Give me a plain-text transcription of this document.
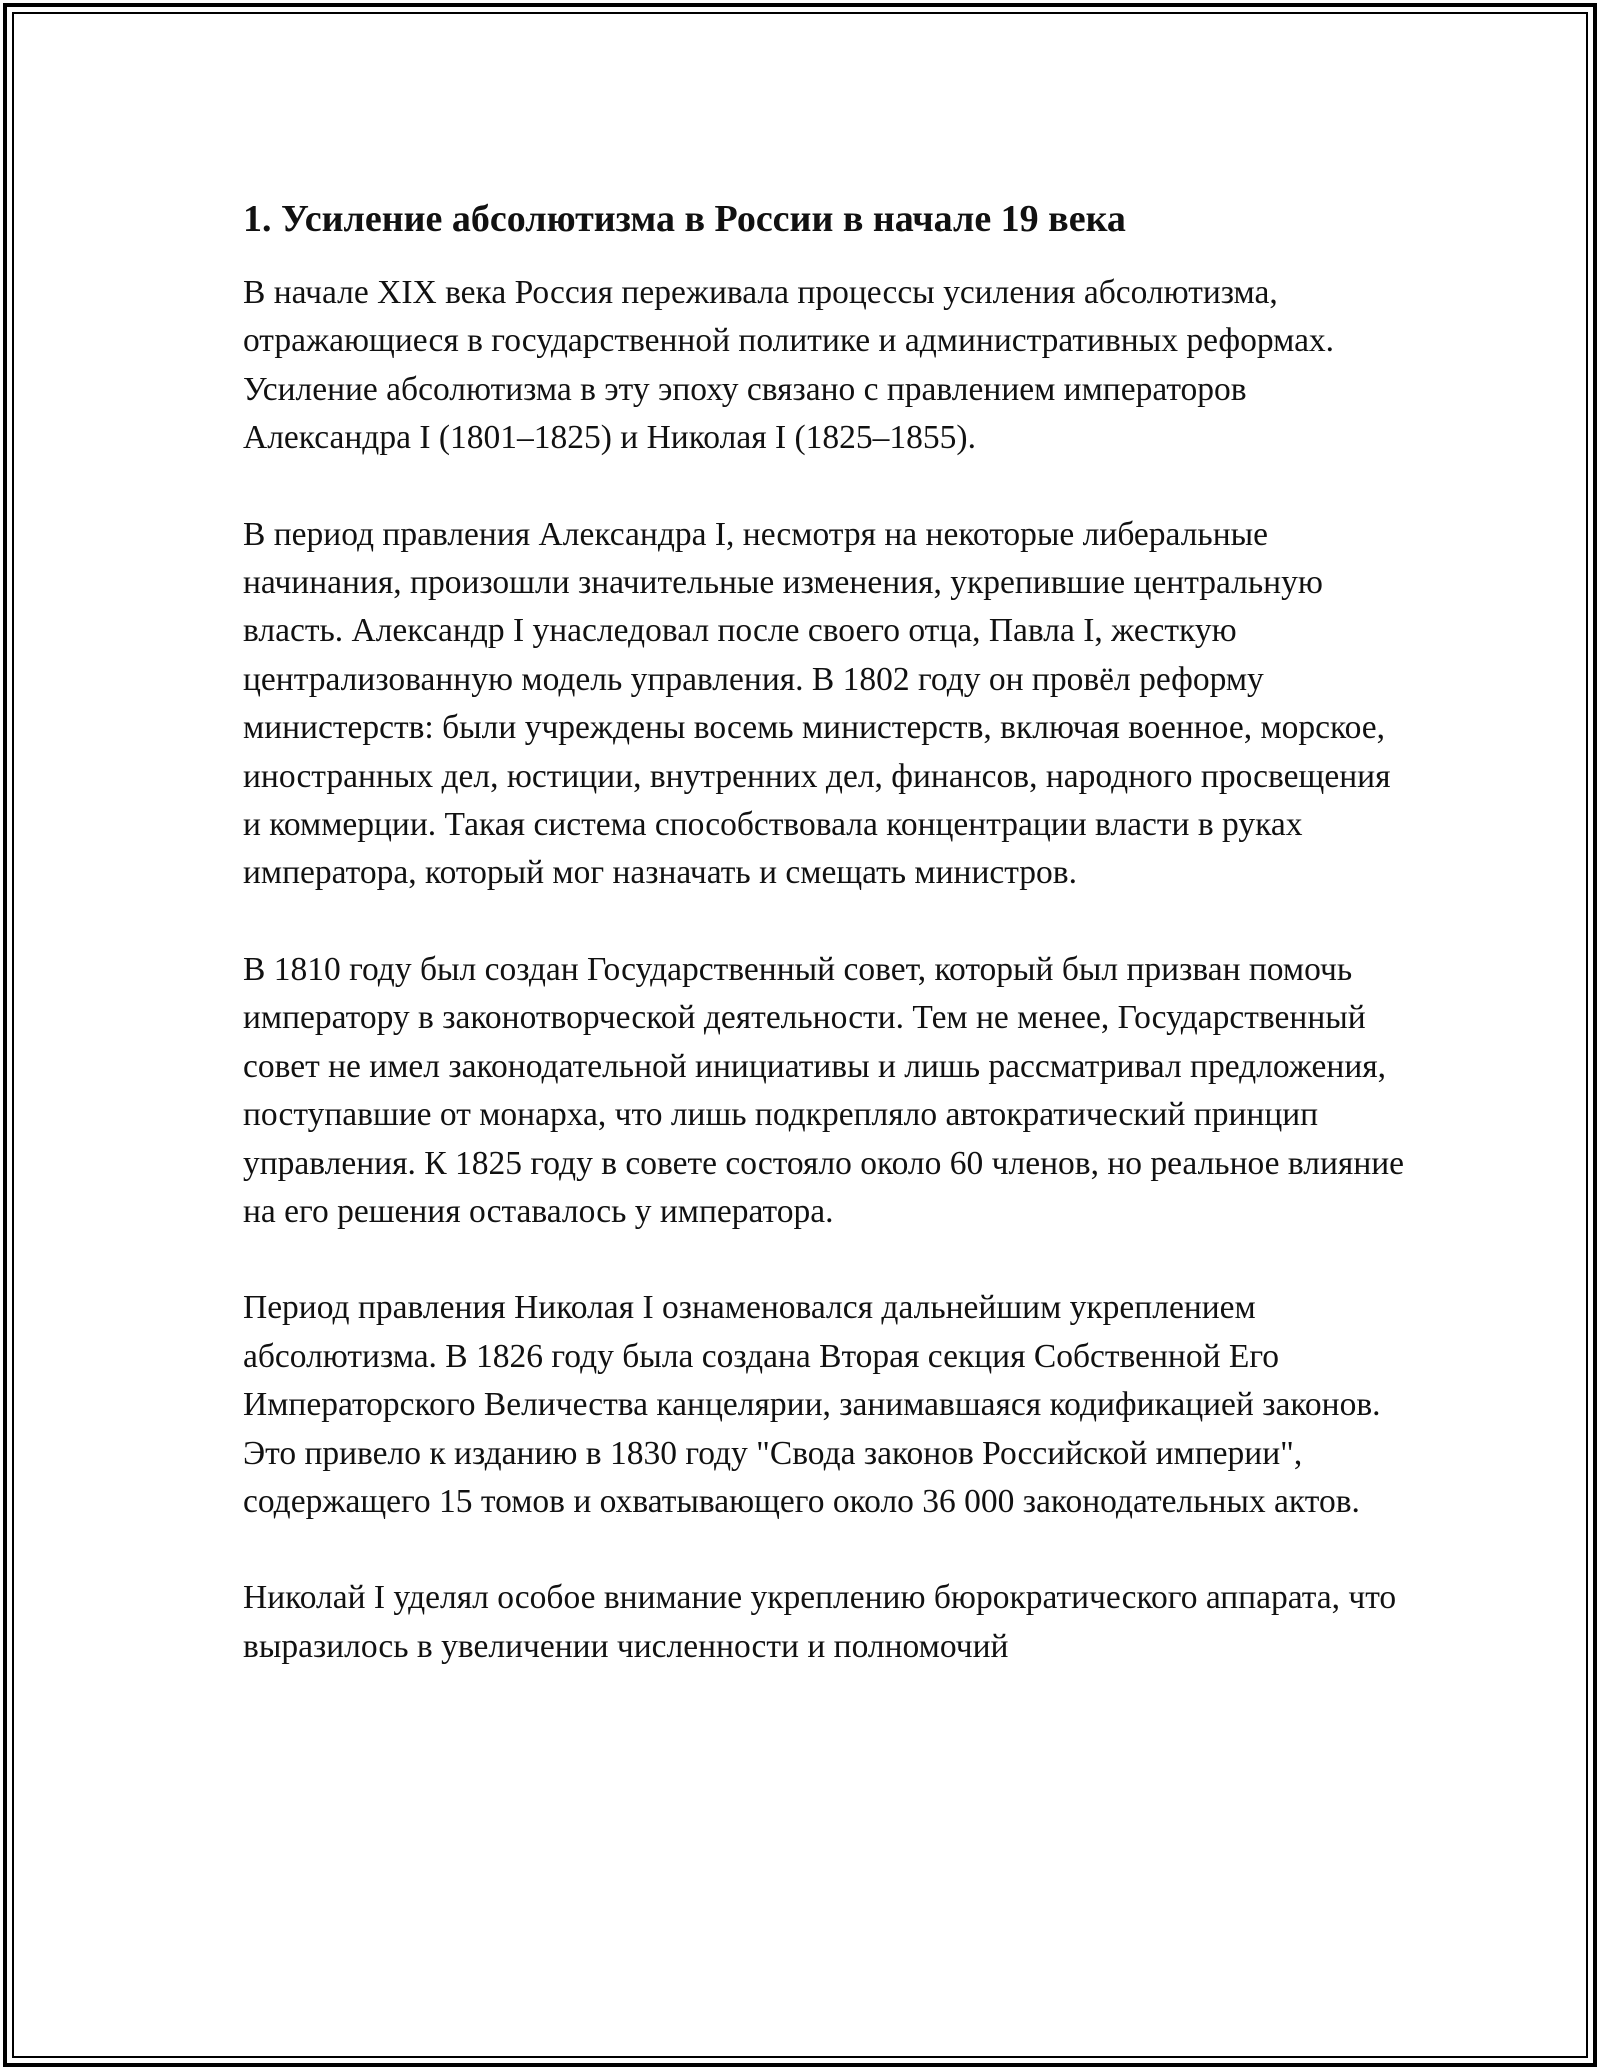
1. Усиление абсолютизма в России в начале 19 века

В начале XIX века Россия переживала процессы усиления абсолютизма, отражающиеся в государственной политике и административных реформах. Усиление абсолютизма в эту эпоху связано с правлением императоров Александра I (1801–1825) и Николая I (1825–1855).

В период правления Александра I, несмотря на некоторые либеральные начинания, произошли значительные изменения, укрепившие центральную власть. Александр I унаследовал после своего отца, Павла I, жесткую централизованную модель управления. В 1802 году он провёл реформу министерств: были учреждены восемь министерств, включая военное, морское, иностранных дел, юстиции, внутренних дел, финансов, народного просвещения и коммерции. Такая система способствовала концентрации власти в руках императора, который мог назначать и смещать министров.

В 1810 году был создан Государственный совет, который был призван помочь императору в законотворческой деятельности. Тем не менее, Государственный совет не имел законодательной инициативы и лишь рассматривал предложения, поступавшие от монарха, что лишь подкрепляло автократический принцип управления. К 1825 году в совете состояло около 60 членов, но реальное влияние на его решения оставалось у императора.

Период правления Николая I ознаменовался дальнейшим укреплением абсолютизма. В 1826 году была создана Вторая секция Собственной Его Императорского Величества канцелярии, занимавшаяся кодификацией законов. Это привело к изданию в 1830 году "Свода законов Российской империи", содержащего 15 томов и охватывающего около 36 000 законодательных актов.

Николай I уделял особое внимание укреплению бюрократического аппарата, что выразилось в увеличении численности и полномочий
